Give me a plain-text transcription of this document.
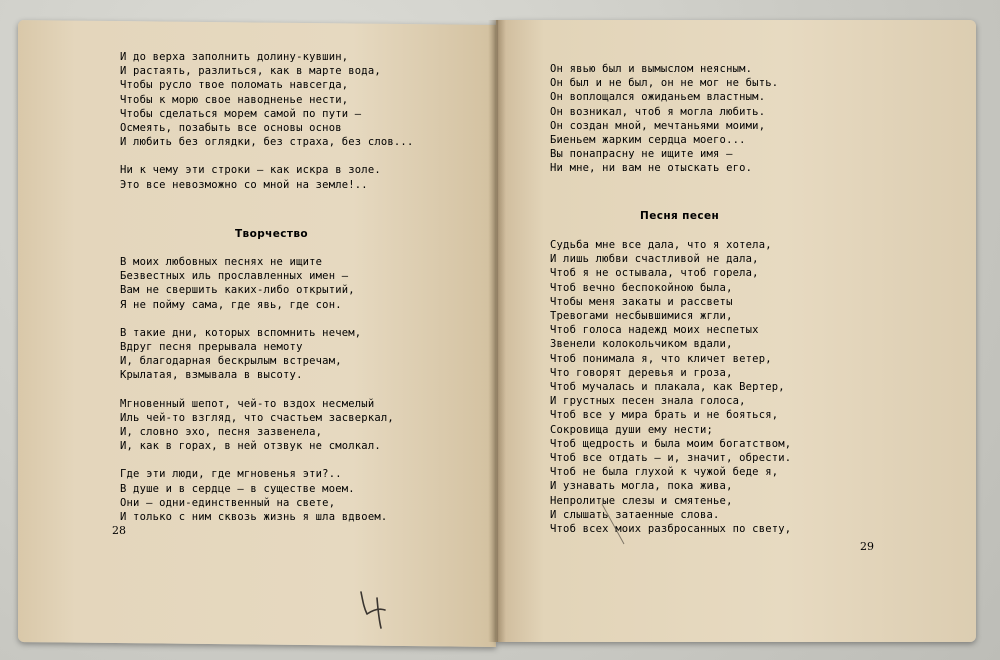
И до верха заполнить долину-кувшин,
И растаять, разлиться, как в марте вода,
Чтобы русло твое поломать навсегда,
Чтобы к морю свое наводненье нести,
Чтобы сделаться морем самой по пути —
Осмеять, позабыть все основы основ
И любить без оглядки, без страха, без слов...
Ни к чему эти строки — как искра в золе.
Это все невозможно со мной на земле!..
Творчество
В моих любовных песнях не ищите
Безвестных иль прославленных имен —
Вам не свершить каких-либо открытий,
Я не пойму сама, где явь, где сон.
В такие дни, которых вспомнить нечем,
Вдруг песня прерывала немоту
И, благодарная бескрылым встречам,
Крылатая, взмывала в высоту.
Мгновенный шепот, чей-то вздох несмелый
Иль чей-то взгляд, что счастьем засверкал,
И, словно эхо, песня зазвенела,
И, как в горах, в ней отзвук не смолкал.
Где эти люди, где мгновенья эти?..
В душе и в сердце — в существе моем.
Они — одни-единственный на свете,
И только с ним сквозь жизнь я шла вдвоем.
28
Он явью был и вымыслом неясным.
Он был и не был, он не мог не быть.
Он воплощался ожиданьем властным.
Он возникал, чтоб я могла любить.
Он создан мной, мечтаньями моими,
Биеньем жарким сердца моего...
Вы понапрасну не ищите имя —
Ни мне, ни вам не отыскать его.
Песня песен
Судьба мне все дала, что я хотела,
И лишь любви счастливой не дала,
Чтоб я не остывала, чтоб горела,
Чтоб вечно беспокойною была,
Чтобы меня закаты и рассветы
Тревогами несбывшимися жгли,
Чтоб голоса надежд моих неспетых
Звенели колокольчиком вдали,
Чтоб понимала я, что кличет ветер,
Что говорят деревья и гроза,
Чтоб мучалась и плакала, как Вертер,
И грустных песен знала голоса,
Чтоб все у мира брать и не бояться,
Сокровища души ему нести;
Чтоб щедрость и была моим богатством,
Чтоб все отдать — и, значит, обрести.
Чтоб не была глухой к чужой беде я,
И узнавать могла, пока жива,
Непролитые слезы и смятенье,
И слышать затаенные слова.
Чтоб всех моих разбросанных по свету,
29
